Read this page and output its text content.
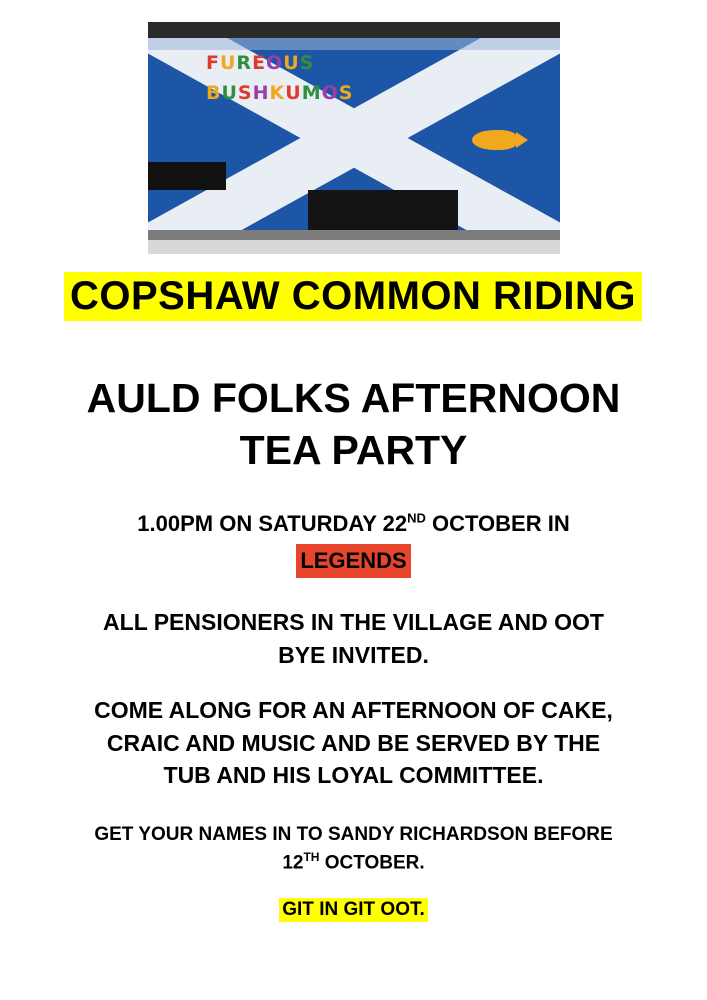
FUREOUS
BUSHKUMOS
COPSHAW COMMON RIDING
AULD FOLKS AFTERNOON
TEA PARTY
1.00PM ON SATURDAY 22ND OCTOBER IN
LEGENDS
ALL PENSIONERS IN THE VILLAGE AND OOT
BYE INVITED.
COME ALONG FOR AN AFTERNOON OF CAKE,
CRAIC AND MUSIC AND BE SERVED BY THE
TUB AND HIS LOYAL COMMITTEE.
GET YOUR NAMES IN TO SANDY RICHARDSON BEFORE
12TH OCTOBER.
GIT IN GIT OOT.
